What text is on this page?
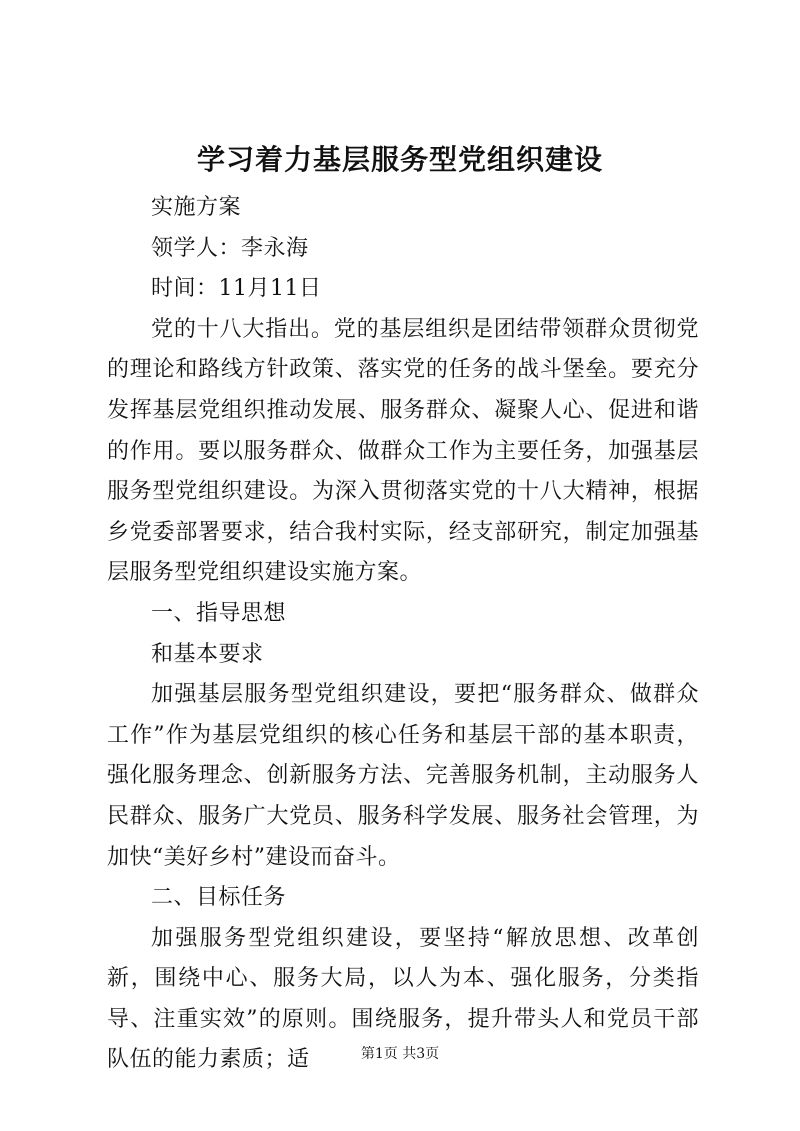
学习着力基层服务型党组织建设

实施方案

领学人：李永海

时间：11月11日

党的十八大指出。党的基层组织是团结带领群众贯彻党的理论和路线方针政策、落实党的任务的战斗堡垒。要充分发挥基层党组织推动发展、服务群众、凝聚人心、促进和谐的作用。要以服务群众、做群众工作为主要任务，加强基层服务型党组织建设。为深入贯彻落实党的十八大精神，根据乡党委部署要求，结合我村实际，经支部研究，制定加强基层服务型党组织建设实施方案。

一、指导思想

和基本要求

加强基层服务型党组织建设，要把“服务群众、做群众工作”作为基层党组织的核心任务和基层干部的基本职责，强化服务理念、创新服务方法、完善服务机制，主动服务人民群众、服务广大党员、服务科学发展、服务社会管理，为加快“美好乡村”建设而奋斗。

二、目标任务

加强服务型党组织建设，要坚持“解放思想、改革创新，围绕中心、服务大局，以人为本、强化服务，分类指导、注重实效”的原则。围绕服务，提升带头人和党员干部队伍的能力素质；适	第1页 共3页
